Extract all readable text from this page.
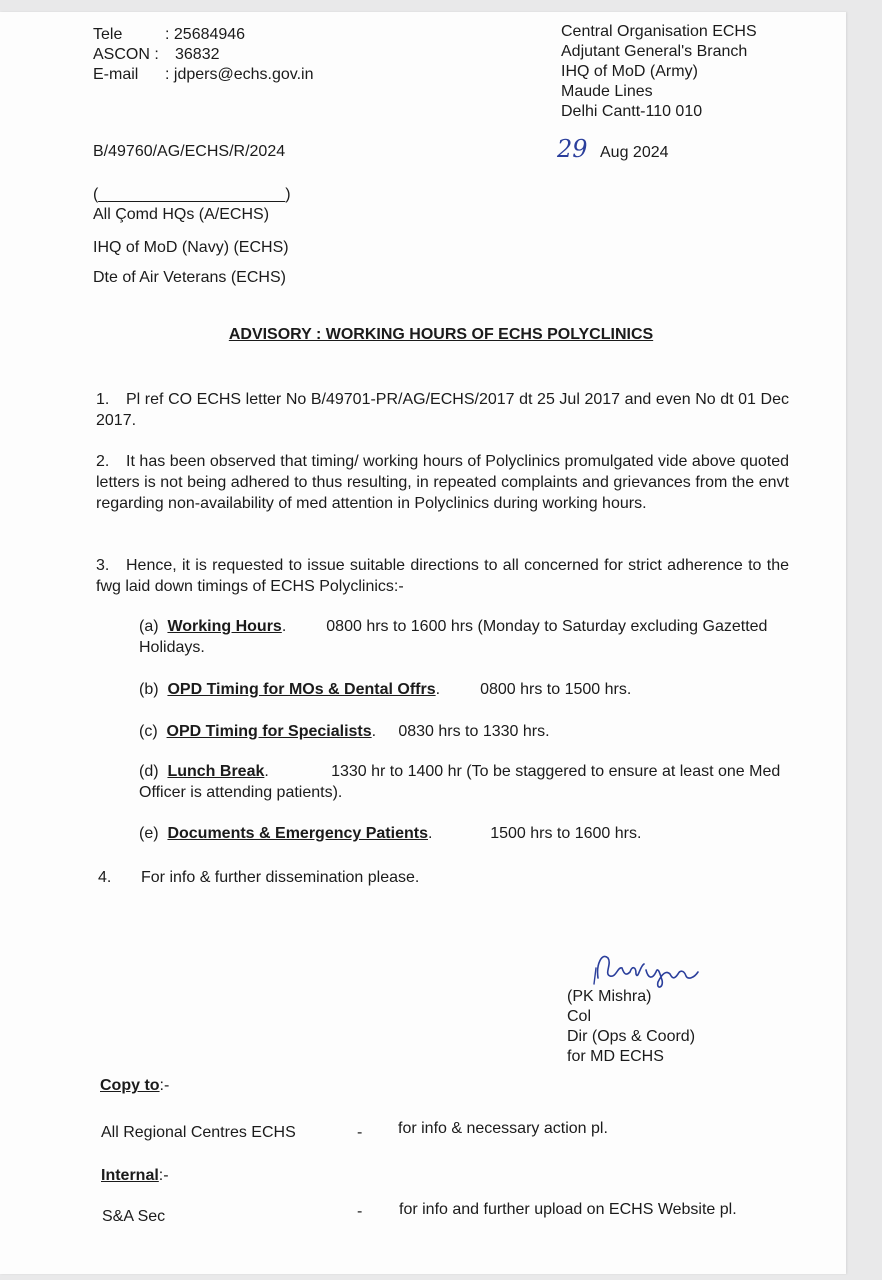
Tele	: 25684946
ASCON :	36832
E-mail	: jdpers@echs.gov.in
Central Organisation ECHS
Adjutant General's Branch
IHQ of MoD (Army)
Maude Lines
Delhi Cantt-110 010
B/49760/AG/ECHS/R/2024	29 Aug 2024
(_____________________)
All Çomd HQs (A/ECHS)
IHQ of MoD (Navy) (ECHS)
Dte of Air Veterans (ECHS)
ADVISORY : WORKING HOURS OF ECHS POLYCLINICS
1. Pl ref CO ECHS letter No B/49701-PR/AG/ECHS/2017 dt 25 Jul 2017 and even No dt 01 Dec 2017.
2. It has been observed that timing/ working hours of Polyclinics promulgated vide above quoted letters is not being adhered to thus resulting, in repeated complaints and grievances from the envt regarding non-availability of med attention in Polyclinics during working hours.
3. Hence, it is requested to issue suitable directions to all concerned for strict adherence to the fwg laid down timings of ECHS Polyclinics:-
(a) Working Hours.         0800 hrs to 1600 hrs (Monday to Saturday excluding Gazetted Holidays.
(b) OPD Timing for MOs & Dental Offrs.         0800 hrs to 1500 hrs.
(c) OPD Timing for Specialists.     0830 hrs to 1330 hrs.
(d) Lunch Break.              1330 hr to 1400 hr (To be staggered to ensure at least one Med Officer is attending patients).
(e) Documents & Emergency Patients.             1500 hrs to 1600 hrs.
4. For info & further dissemination please.
(PK Mishra)
Col
Dir (Ops & Coord)
for MD ECHS
Copy to:-
All Regional Centres ECHS	- for info & necessary action pl.
Internal:-
S&A Sec	- for info and further upload on ECHS Website pl.
